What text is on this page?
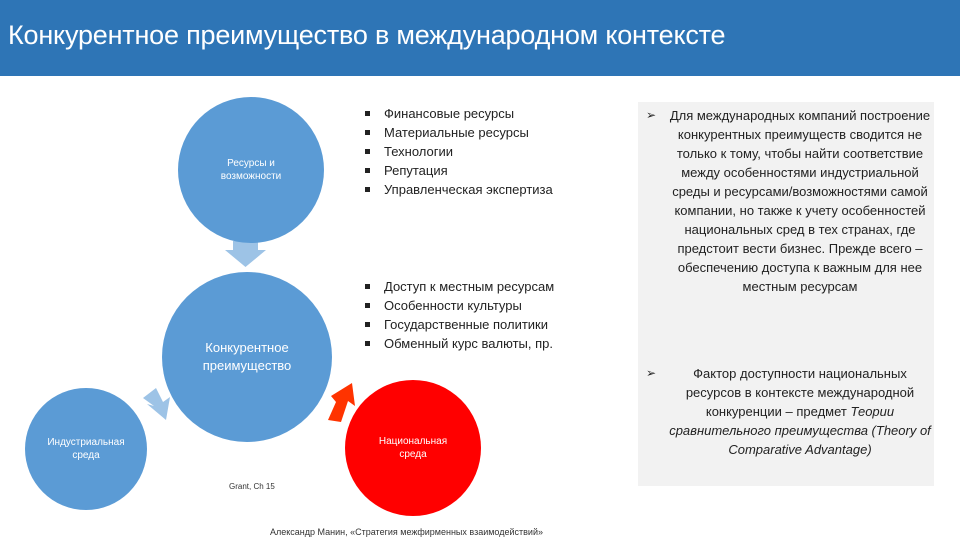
Конкурентное преимущество в международном контексте
Ресурсы и возможности
Конкурентное преимущество
Индустриальная среда
Национальная среда
Финансовые ресурсы
Материальные ресурсы
Технологии
Репутация
Управленческая экспертиза
Доступ к местным ресурсам
Особенности культуры
Государственные политики
Обменный курс валюты, пр.

➢	Для международных компаний построение конкурентных преимуществ сводится не только к тому, чтобы найти соответствие между особенностями индустриальной среды и ресурсами/возможностями самой компании, но также к учету особенностей национальных сред в тех странах, где предстоит вести бизнес. Прежде всего – обеспечению доступа к важным для нее местным ресурсам

➢	Фактор доступности национальных ресурсов в контексте международной конкуренции – предмет Теории сравнительного преимущества (Theory of Comparative Advantage)

Grant, Ch 15
Александр Манин, «Стратегия межфирменных взаимодействий»
